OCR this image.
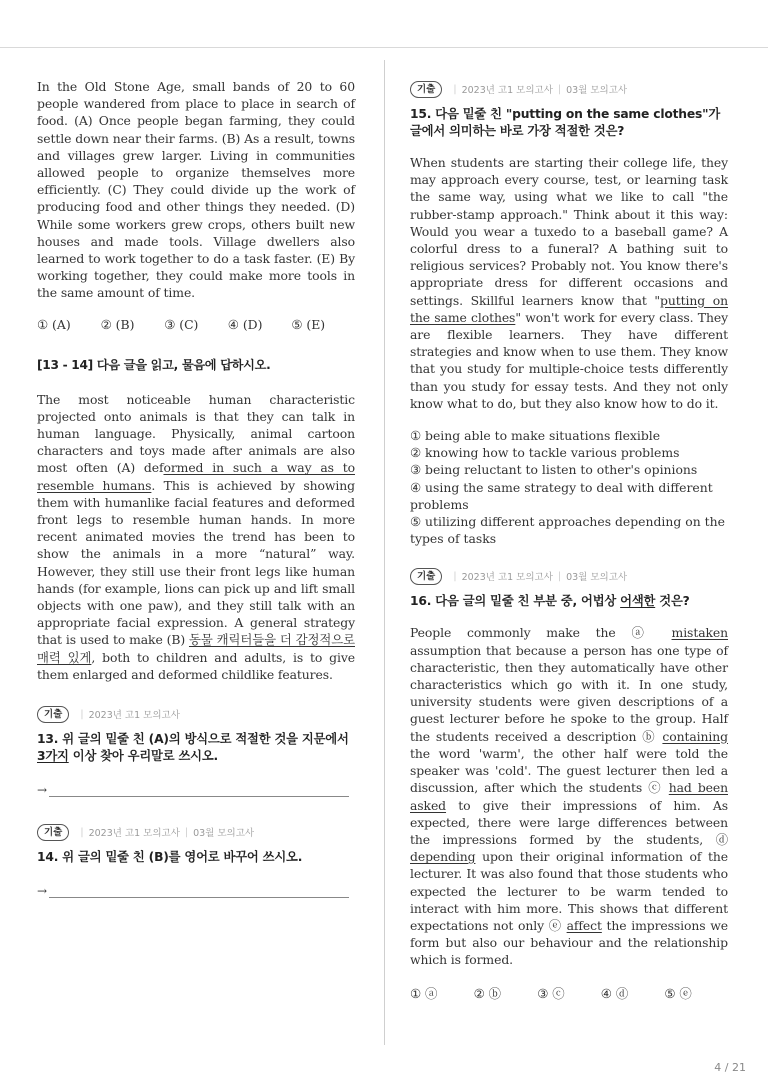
In the Old Stone Age, small bands of 20 to 60 people wandered from place to place in search of food. (A) Once people began farming, they could settle down near their farms. (B) As a result, towns and villages grew larger. Living in communities allowed people to organize themselves more efficiently. (C) They could divide up the work of producing food and other things they needed. (D) While some workers grew crops, others built new houses and made tools. Village dwellers also learned to work together to do a task faster. (E) By working together, they could make more tools in the same amount of time.

① (A)	② (B)	③ (C)	④ (D)	⑤ (E)
[13 - 14] 다음 글을 읽고, 물음에 답하시오.

The most noticeable human characteristic projected onto animals is that they can talk in human language. Physically, animal cartoon characters and toys made after animals are also most often (A) deformed in such a way as to resemble humans. This is achieved by showing them with humanlike facial features and deformed front legs to resemble human hands. In more recent animated movies the trend has been to show the animals in a more “natural” way. However, they still use their front legs like human hands (for example, lions can pick up and lift small objects with one paw), and they still talk with an appropriate facial expression. A general strategy that is used to make (B) 동물 캐릭터들을 더 감정적으로 매력 있게, both to children and adults, is to give them enlarged and deformed childlike features.

기출	| 2023년 고1 모의고사
13. 위 글의 밑줄 친 (A)의 방식으로 적절한 것을 지문에서 3가지 이상 찾아 우리말로 쓰시오.
→
기출	| 2023년 고1 모의고사 | 03월 모의고사
14. 위 글의 밑줄 친 (B)를 영어로 바꾸어 쓰시오.
→
기출	| 2023년 고1 모의고사 | 03월 모의고사
15. 다음 밑줄 친 "putting on the same clothes"가 글에서 의미하는 바로 가장 적절한 것은?

When students are starting their college life, they may approach every course, test, or learning task the same way, using what we like to call "the rubber-stamp approach." Think about it this way: Would you wear a tuxedo to a baseball game? A colorful dress to a funeral? A bathing suit to religious services? Probably not. You know there's appropriate dress for different occasions and settings. Skillful learners know that "putting on the same clothes" won't work for every class. They are flexible learners. They have different strategies and know when to use them. They know that you study for multiple-choice tests differently than you study for essay tests. And they not only know what to do, but they also know how to do it.

① being able to make situations flexible
② knowing how to tackle various problems
③ being reluctant to listen to other's opinions
④ using the same strategy to deal with different problems
⑤ utilizing different approaches depending on the types of tasks
기출	| 2023년 고1 모의고사 | 03월 모의고사
16. 다음 글의 밑줄 친 부분 중, 어법상 어색한 것은?

People commonly make the ⓐ mistaken assumption that because a person has one type of characteristic, then they automatically have other characteristics which go with it. In one study, university students were given descriptions of a guest lecturer before he spoke to the group. Half the students received a description ⓑ containing the word 'warm', the other half were told the speaker was 'cold'. The guest lecturer then led a discussion, after which the students ⓒ had been asked to give their impressions of him. As expected, there were large differences between the impressions formed by the students, ⓓ depending upon their original information of the lecturer. It was also found that those students who expected the lecturer to be warm tended to interact with him more. This shows that different expectations not only ⓔ affect the impressions we form but also our behaviour and the relationship which is formed.

① ⓐ	② ⓑ	③ ⓒ	④ ⓓ	⑤ ⓔ
4 / 21
